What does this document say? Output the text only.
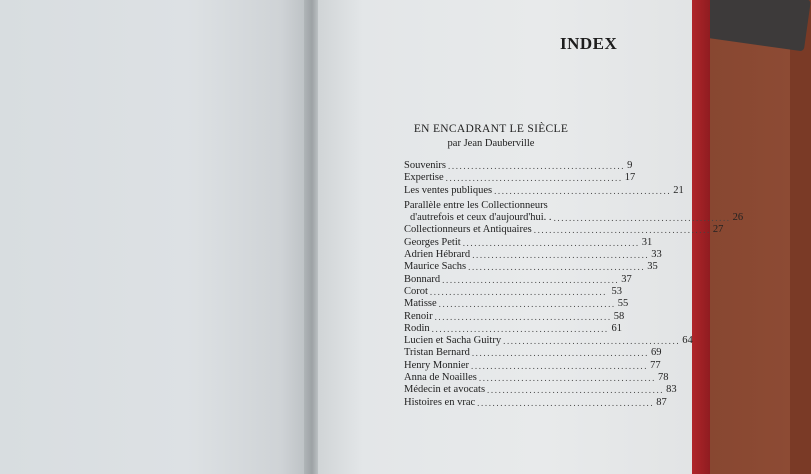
INDEX
EN ENCADRANT LE SIÈCLE
par Jean Dauberville
Souvenirs .............................................. 9
Expertise .............................................. 17
Les ventes publiques .............................................. 21
Parallèle entre les Collectionneurs
d'autrefois et ceux d'aujourd'hui. . .............................................. 26
Collectionneurs et Antiquaires .............................................. 27
Georges Petit .............................................. 31
Adrien Hébrard .............................................. 33
Maurice Sachs .............................................. 35
Bonnard .............................................. 37
Corot .............................................. 53
Matisse .............................................. 55
Renoir .............................................. 58
Rodin .............................................. 61
Lucien et Sacha Guitry .............................................. 64
Tristan Bernard .............................................. 69
Henry Monnier .............................................. 77
Anna de Noailles .............................................. 78
Médecin et avocats .............................................. 83
Histoires en vrac .............................................. 87
